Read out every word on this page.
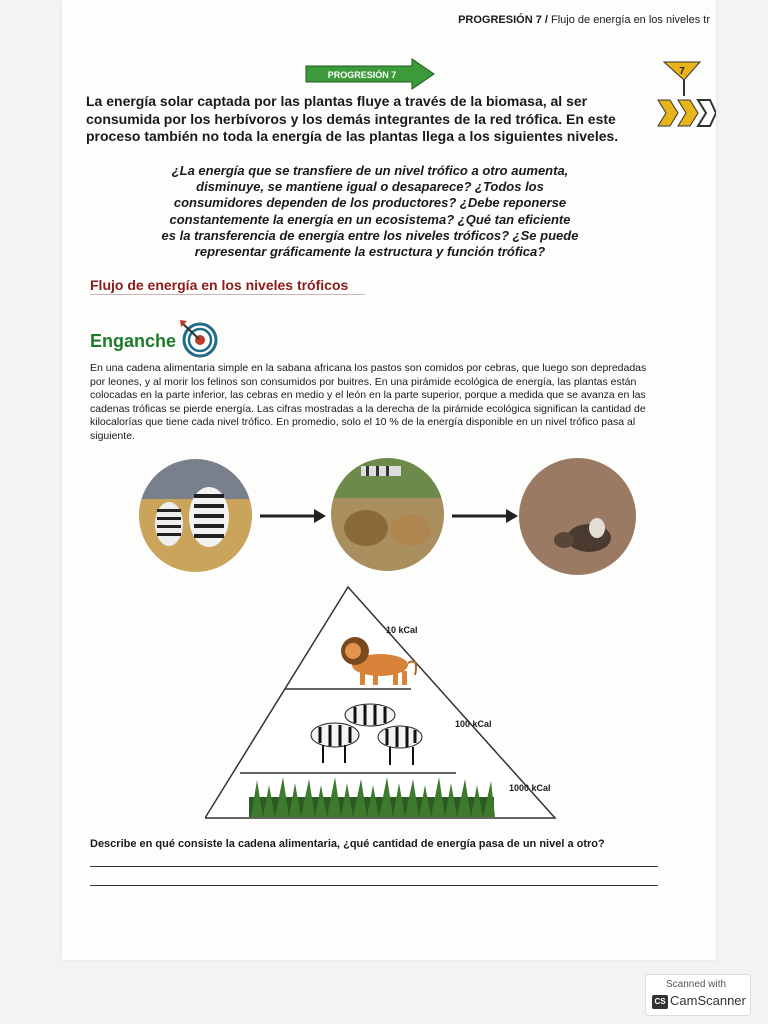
PROGRESIÓN 7 / Flujo de energía en los niveles tr
PROGRESIÓN 7	7
La energía solar captada por las plantas fluye a través de la biomasa, al ser consumida por los herbívoros y los demás integrantes de la red trófica. En este proceso también no toda la energía de las plantas llega a los siguientes niveles.
¿La energía que se transfiere de un nivel trófico a otro aumenta,
disminuye, se mantiene igual o desaparece? ¿Todos los
consumidores dependen de los productores? ¿Debe reponerse
constantemente la energía en un ecosistema? ¿Qué tan eficiente
es la transferencia de energía entre los niveles tróficos? ¿Se puede
representar gráficamente la estructura y función trófica?
Flujo de energía en los niveles tróficos
Enganche
En una cadena alimentaria simple en la sabana africana los pastos son comidos por cebras, que luego son depredadas por leones, y al morir los felinos son consumidos por buitres. En una pirámide ecológica de energía, las plantas están colocadas en la parte inferior, las cebras en medio y el león en la parte superior, porque a medida que se avanza en las cadenas tróficas se pierde energía. Las cifras mostradas a la derecha de la pirámide ecológica significan la cantidad de kilocalorías que tiene cada nivel trófico. En promedio, solo el 10 % de la energía disponible en un nivel trófico pasa al siguiente.
10 kCal
100 kCal
1000 kCal
Describe en qué consiste la cadena alimentaria, ¿qué cantidad de energía pasa de un nivel a otro?
Scanned with
CS CamScanner
